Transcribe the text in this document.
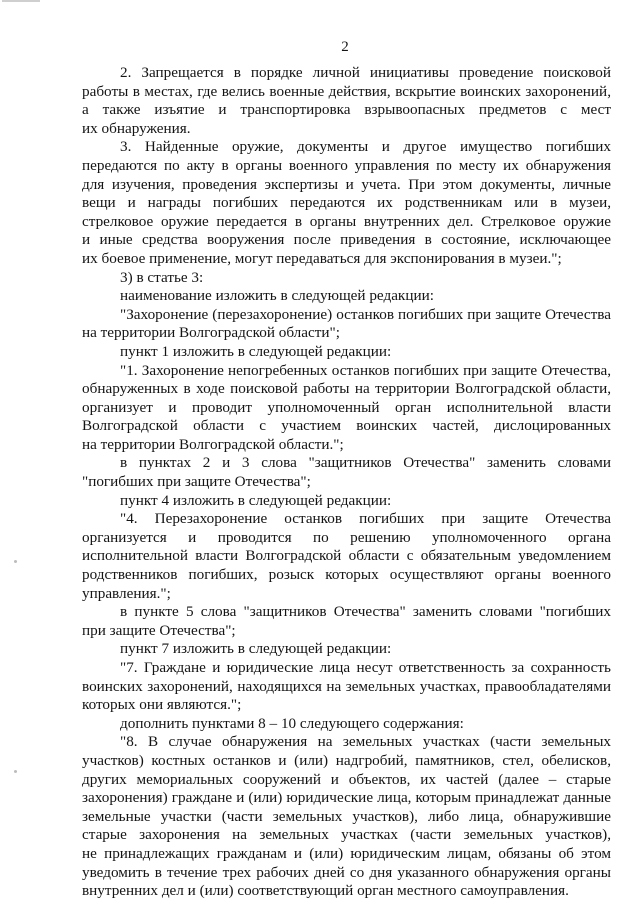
2
2. Запрещается в порядке личной инициативы проведение поисковой
работы в местах, где велись военные действия, вскрытие воинских захоронений,
а также изъятие и транспортировка взрывоопасных предметов с мест
их обнаружения.
3. Найденные оружие, документы и другое имущество погибших
передаются по акту в органы военного управления по месту их обнаружения
для изучения, проведения экспертизы и учета. При этом документы, личные
вещи и награды погибших передаются их родственникам или в музеи,
стрелковое оружие передается в органы внутренних дел. Стрелковое оружие
и иные средства вооружения после приведения в состояние, исключающее
их боевое применение, могут передаваться для экспонирования в музеи.";
3) в статье 3:
наименование изложить в следующей редакции:
"Захоронение (перезахоронение) останков погибших при защите Отечества
на территории Волгоградской области";
пункт 1 изложить в следующей редакции:
"1. Захоронение непогребенных останков погибших при защите Отечества,
обнаруженных в ходе поисковой работы на территории Волгоградской области,
организует и проводит уполномоченный орган исполнительной власти
Волгоградской области с участием воинских частей, дислоцированных
на территории Волгоградской области.";
в пунктах 2 и 3 слова "защитников Отечества" заменить словами
"погибших при защите Отечества";
пункт 4 изложить в следующей редакции:
"4. Перезахоронение останков погибших при защите Отечества
организуется и проводится по решению уполномоченного органа
исполнительной власти Волгоградской области с обязательным уведомлением
родственников погибших, розыск которых осуществляют органы военного
управления.";
в пункте 5 слова "защитников Отечества" заменить словами "погибших
при защите Отечества";
пункт 7 изложить в следующей редакции:
"7. Граждане и юридические лица несут ответственность за сохранность
воинских захоронений, находящихся на земельных участках, правообладателями
которых они являются.";
дополнить пунктами 8 – 10 следующего содержания:
"8. В случае обнаружения на земельных участках (части земельных
участков) костных останков и (или) надгробий, памятников, стел, обелисков,
других мемориальных сооружений и объектов, их частей (далее – старые
захоронения) граждане и (или) юридические лица, которым принадлежат данные
земельные участки (части земельных участков), либо лица, обнаружившие
старые захоронения на земельных участках (части земельных участков),
не принадлежащих гражданам и (или) юридическим лицам, обязаны об этом
уведомить в течение трех рабочих дней со дня указанного обнаружения органы
внутренних дел и (или) соответствующий орган местного самоуправления.
